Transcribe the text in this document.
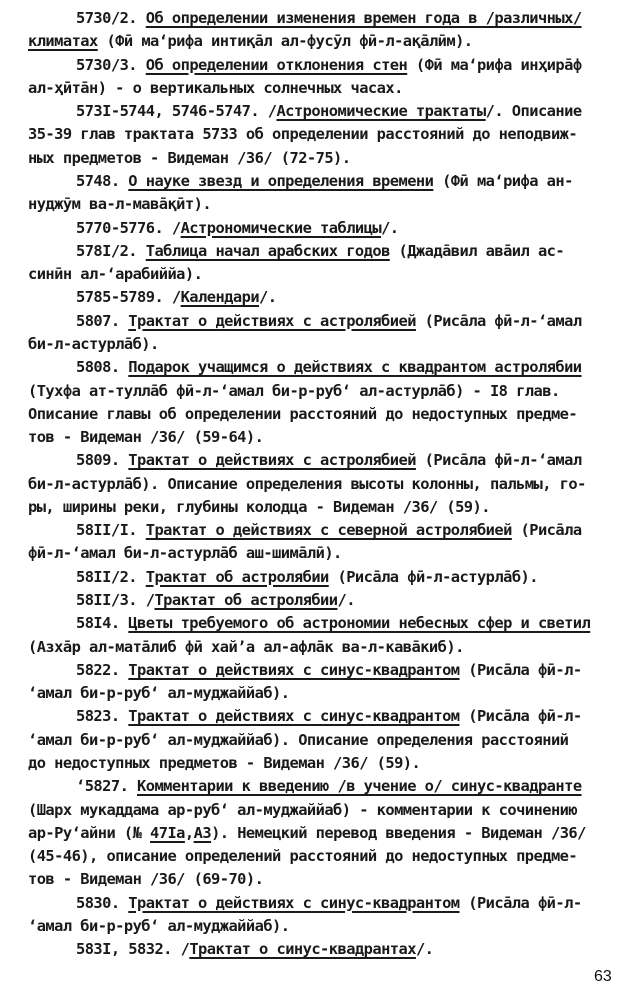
5730/2. Об определении изменения времен года в /различных/
климатах (Фӣ ма‘рифа интиқāл ал-фусӯл фӣ-л-ақāлӣм).
5730/3. Об определении отклонения стен (Фӣ ма‘рифа инҳирāф
ал-ҳӣтāн) - о вертикальных солнечных часах.
573I-5744, 5746-5747. /Астрономические трактаты/. Описание
35-39 глав трактата 5733 об определении расстояний до неподвиж-
ных предметов - Видеман /36/ (72-75).
5748. О науке звезд и определения времени (Фӣ ма‘рифа ан-
нуджӯм ва-л-мавāқӣт).
5770-5776. /Астрономические таблицы/.
578I/2. Таблица начал арабских годов (Джадāвил авāил ас-
синӣн ал-‘арабиййа).
5785-5789. /Календари/.
5807. Трактат о действиях с астролябией (Рисāла фӣ-л-‘амал
би-л-астурлāб).
5808. Подарок учащимся о действиях с квадрантом астролябии
(Тухфа ат-туллāб фӣ-л-‘амал би-р-руб‘ ал-астурлāб) - I8 глав.
Описание главы об определении расстояний до недоступных предме-
тов - Видеман /36/ (59-64).
5809. Трактат о действиях с астролябией (Рисāла фӣ-л-‘амал
би-л-астурлāб). Описание определения высоты колонны, пальмы, го-
ры, ширины реки, глубины колодца - Видеман /36/ (59).
58II/I. Трактат о действиях с северной астролябией (Рисāла
фӣ-л-‘амал би-л-астурлāб аш-шимāлӣ).
58II/2. Трактат об астролябии (Рисāла фӣ-л-астурлāб).
58II/3. /Трактат об астролябии/.
58I4. Цветы требуемого об астрономии небесных сфер и светил
(Азхāр ал-матāлиб фӣ хай’а ал-афлāк ва-л-кавāкиб).
5822. Трактат о действиях с синус-квадрантом (Рисāла фӣ-л-
‘амал би-р-руб‘ ал-муджаййаб).
5823. Трактат о действиях с синус-квадрантом (Рисāла фӣ-л-
‘амал би-р-руб‘ ал-муджаййаб). Описание определения расстояний
до недоступных предметов - Видеман /36/ (59).
‘5827. Комментарии к введению /в учение о/ синус-квадранте
(Шарх мукаддама ар-руб‘ ал-муджаййаб) - комментарии к сочинению
ар-Ру‘айни (№ 47Iа,А3). Немецкий перевод введения - Видеман /36/
(45-46), описание определений расстояний до недоступных предме-
тов - Видеман /36/ (69-70).
5830. Трактат о действиях с синус-квадрантом (Рисāла фӣ-л-
‘амал би-р-руб‘ ал-муджаййаб).
583I, 5832. /Трактат о синус-квадрантах/.
63
